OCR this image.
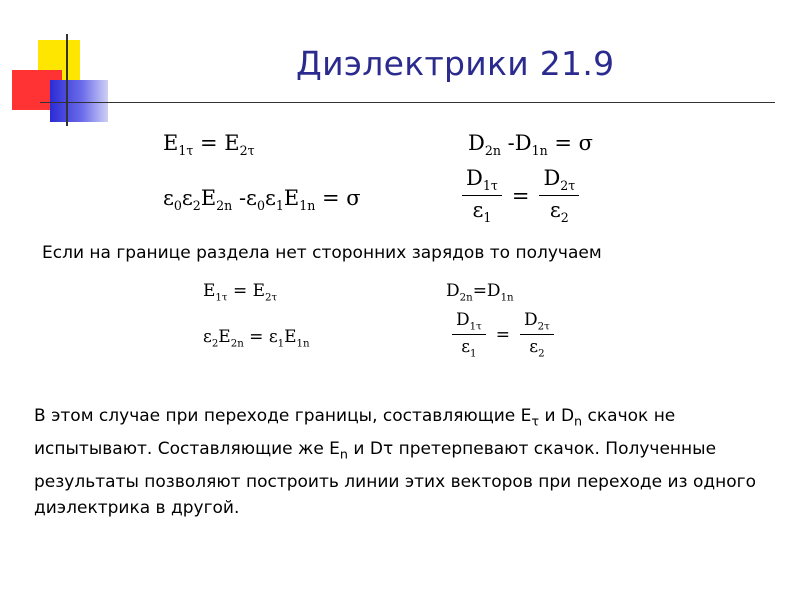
Диэлектрики 21.9
$E_{1\tau} = E_{2\tau}$	$D_{2n}$ $-D_{1n} = \sigma$
$\varepsilon_0\varepsilon_2E_{2n}$ $-\varepsilon_0\varepsilon_1E_{1n} = \sigma$	$\frac{D_{1\tau}}{\varepsilon_1} = \frac{D_{2\tau}}{\varepsilon_2}$
Если на границе раздела нет сторонних зарядов то получаем
$E_{1\tau} = E_{2\tau}$	$D_{2n}=D_{1n}$
$\varepsilon_2E_{2n} = \varepsilon_1E_{1n}$	$\frac{D_{1\tau}}{\varepsilon_1} = \frac{D_{2\tau}}{\varepsilon_2}$
В этом случае при переходе границы, составляющие $E_\tau$ и $D_n$ скачок не испытывают. Составляющие же $E_n$ и Dτ претерпевают скачок. Полученные результаты позволяют построить линии этих векторов при переходе из одного диэлектрика в другой.
